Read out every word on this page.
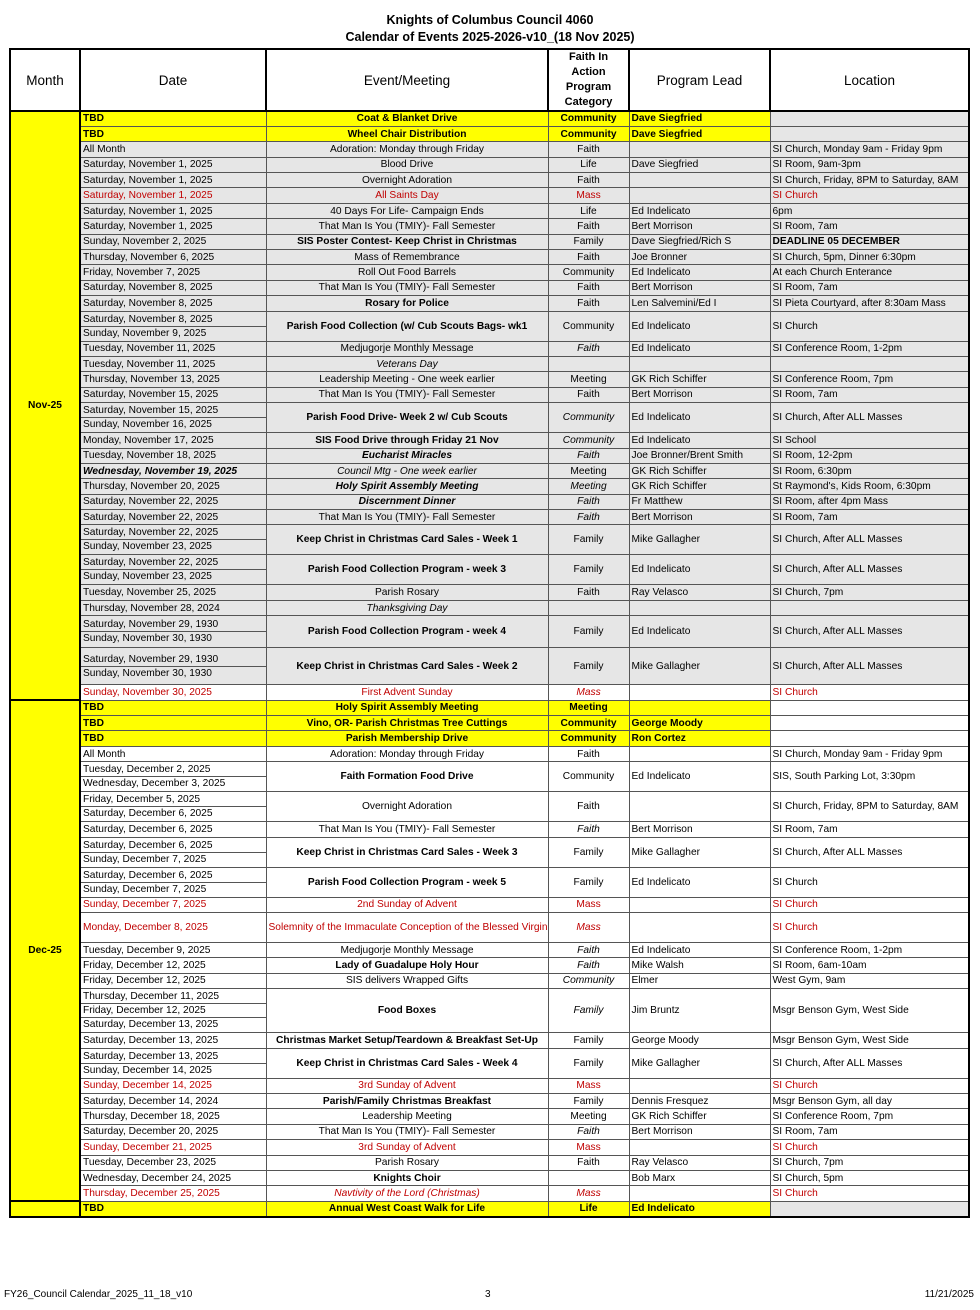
Knights of Columbus Council 4060
Calendar of Events 2025-2026-v10_(18 Nov 2025)
Month	Date	Event/Meeting	Faith In Action Program Category	Program Lead	Location
Nov-25	TBD	Coat & Blanket Drive	Community	Dave Siegfried	

	TBD	Wheel Chair Distribution	Community	Dave Siegfried	

	All Month	Adoration: Monday through Friday	Faith		SI Church, Monday 9am - Friday 9pm

	Saturday, November 1, 2025	Blood Drive	Life	Dave Siegfried	SI Room, 9am-3pm

	Saturday, November 1, 2025	Overnight Adoration	Faith		SI Church, Friday, 8PM to Saturday, 8AM

	Saturday, November 1, 2025	All Saints Day	Mass		SI Church

	Saturday, November 1, 2025	40 Days For Life- Campaign Ends	Life	Ed Indelicato	6pm

	Saturday, November 1, 2025	That Man Is You (TMIY)- Fall Semester	Faith	Bert Morrison	SI Room, 7am

	Sunday, November 2, 2025	SIS Poster Contest- Keep Christ in Christmas	Family	Dave Siegfried/Rich S	DEADLINE 05 DECEMBER

	Thursday, November 6, 2025	Mass of Remembrance	Faith	Joe Bronner	SI Church, 5pm, Dinner 6:30pm

	Friday, November 7, 2025	Roll Out Food Barrels	Community	Ed Indelicato	At each Church Enterance

	Saturday, November 8, 2025	That Man Is You (TMIY)- Fall Semester	Faith	Bert Morrison	SI Room, 7am

	Saturday, November 8, 2025	Rosary for Police	Faith	Len Salvemini/Ed I	SI Pieta Courtyard, after 8:30am Mass

	Saturday, November 8, 2025
Sunday, November 9, 2025	Parish Food Collection (w/ Cub Scouts Bags- wk1	Community	Ed Indelicato	SI Church

	Tuesday, November 11, 2025	Medjugorje Monthly Message	Faith	Ed Indelicato	SI Conference Room, 1-2pm

	Tuesday, November 11, 2025	Veterans Day			

	Thursday, November 13, 2025	Leadership Meeting - One week earlier	Meeting	GK Rich Schiffer	SI Conference Room, 7pm

	Saturday, November 15, 2025	That Man Is You (TMIY)- Fall Semester	Faith	Bert Morrison	SI Room, 7am

	Saturday, November 15, 2025
Sunday, November 16, 2025	Parish Food Drive- Week 2 w/ Cub Scouts	Community	Ed Indelicato	SI Church, After ALL Masses

	Monday, November 17, 2025	SIS Food Drive through Friday 21 Nov	Community	Ed Indelicato	SI School

	Tuesday, November 18, 2025	Eucharist Miracles	Faith	Joe Bronner/Brent Smith	SI Room, 12-2pm

	Wednesday, November 19, 2025	Council Mtg - One week earlier	Meeting	GK Rich Schiffer	SI Room, 6:30pm

	Thursday, November 20, 2025	Holy Spirit Assembly Meeting	Meeting	GK Rich Schiffer	St Raymond's, Kids Room, 6:30pm

	Saturday, November 22, 2025	Discernment Dinner	Faith	Fr Matthew	SI Room, after 4pm Mass

	Saturday, November 22, 2025	That Man Is You (TMIY)- Fall Semester	Faith	Bert Morrison	SI Room, 7am

	Saturday, November 22, 2025
Sunday, November 23, 2025	Keep Christ in Christmas Card Sales - Week 1	Family	Mike Gallagher	SI Church, After ALL Masses

	Saturday, November 22, 2025
Sunday, November 23, 2025	Parish Food Collection Program - week 3	Family	Ed Indelicato	SI Church, After ALL Masses

	Tuesday, November 25, 2025	Parish Rosary	Faith	Ray Velasco	SI Church, 7pm

	Thursday, November 28, 2024	Thanksgiving Day			

	Saturday, November 29, 1930
Sunday, November 30, 1930	Parish Food Collection Program - week 4	Family	Ed Indelicato	SI Church, After ALL Masses

	Saturday, November 29, 1930
Sunday, November 30, 1930	Keep Christ in Christmas Card Sales - Week 2	Family	Mike Gallagher	SI Church, After ALL Masses

	Sunday, November 30, 2025	First Advent Sunday	Mass		SI Church
Dec-25	TBD	Holy Spirit Assembly Meeting	Meeting		

	TBD	Vino, OR- Parish Christmas Tree Cuttings	Community	George Moody	

	TBD	Parish Membership Drive	Community	Ron Cortez	

	All Month	Adoration: Monday through Friday	Faith		SI Church, Monday 9am - Friday 9pm

	Tuesday, December 2, 2025
Wednesday, December 3, 2025	Faith Formation Food Drive	Community	Ed Indelicato	SIS, South Parking Lot, 3:30pm

	Friday, December 5, 2025
Saturday, December 6, 2025	Overnight Adoration	Faith		SI Church, Friday, 8PM to Saturday, 8AM

	Saturday, December 6, 2025	That Man Is You (TMIY)- Fall Semester	Faith	Bert Morrison	SI Room, 7am

	Saturday, December 6, 2025
Sunday, December 7, 2025	Keep Christ in Christmas Card Sales - Week 3	Family	Mike Gallagher	SI Church, After ALL Masses

	Saturday, December 6, 2025
Sunday, December 7, 2025	Parish Food Collection Program - week 5	Family	Ed Indelicato	SI Church

	Sunday, December 7, 2025	2nd Sunday of Advent	Mass		SI Church

	Monday, December 8, 2025	Solemnity of the Immaculate Conception of the Blessed Virgin	Mass		SI Church

	Tuesday, December 9, 2025	Medjugorje Monthly Message	Faith	Ed Indelicato	SI Conference Room, 1-2pm

	Friday, December 12, 2025	Lady of Guadalupe Holy Hour	Faith	Mike Walsh	SI Room, 6am-10am

	Friday, December 12, 2025	SIS delivers Wrapped Gifts	Community	Elmer	West Gym, 9am

	Thursday, December 11, 2025
Friday, December 12, 2025
Saturday, December 13, 2025	Food Boxes	Family	Jim Bruntz	Msgr Benson Gym, West Side

	Saturday, December 13, 2025	Christmas Market Setup/Teardown & Breakfast Set-Up	Family	George Moody	Msgr Benson Gym, West Side

	Saturday, December 13, 2025
Sunday, December 14, 2025	Keep Christ in Christmas Card Sales - Week 4	Family	Mike Gallagher	SI Church, After ALL Masses

	Sunday, December 14, 2025	3rd Sunday of Advent	Mass		SI Church

	Saturday, December 14, 2024	Parish/Family Christmas Breakfast	Family	Dennis Fresquez	Msgr Benson Gym, all day

	Thursday, December 18, 2025	Leadership Meeting	Meeting	GK Rich Schiffer	SI Conference Room, 7pm

	Saturday, December 20, 2025	That Man Is You (TMIY)- Fall Semester	Faith	Bert Morrison	SI Room, 7am

	Sunday, December 21, 2025	3rd Sunday of Advent	Mass		SI Church

	Tuesday, December 23, 2025	Parish Rosary	Faith	Ray Velasco	SI Church, 7pm

	Wednesday, December 24, 2025	Knights Choir		Bob Marx	SI Church, 5pm

	Thursday, December 25, 2025	Navtivity of the Lord (Christmas)	Mass		SI Church

	TBD	Annual West Coast Walk for Life	Life	Ed Indelicato	
FY26_Council Calendar_2025_11_18_v10	3	11/21/2025
